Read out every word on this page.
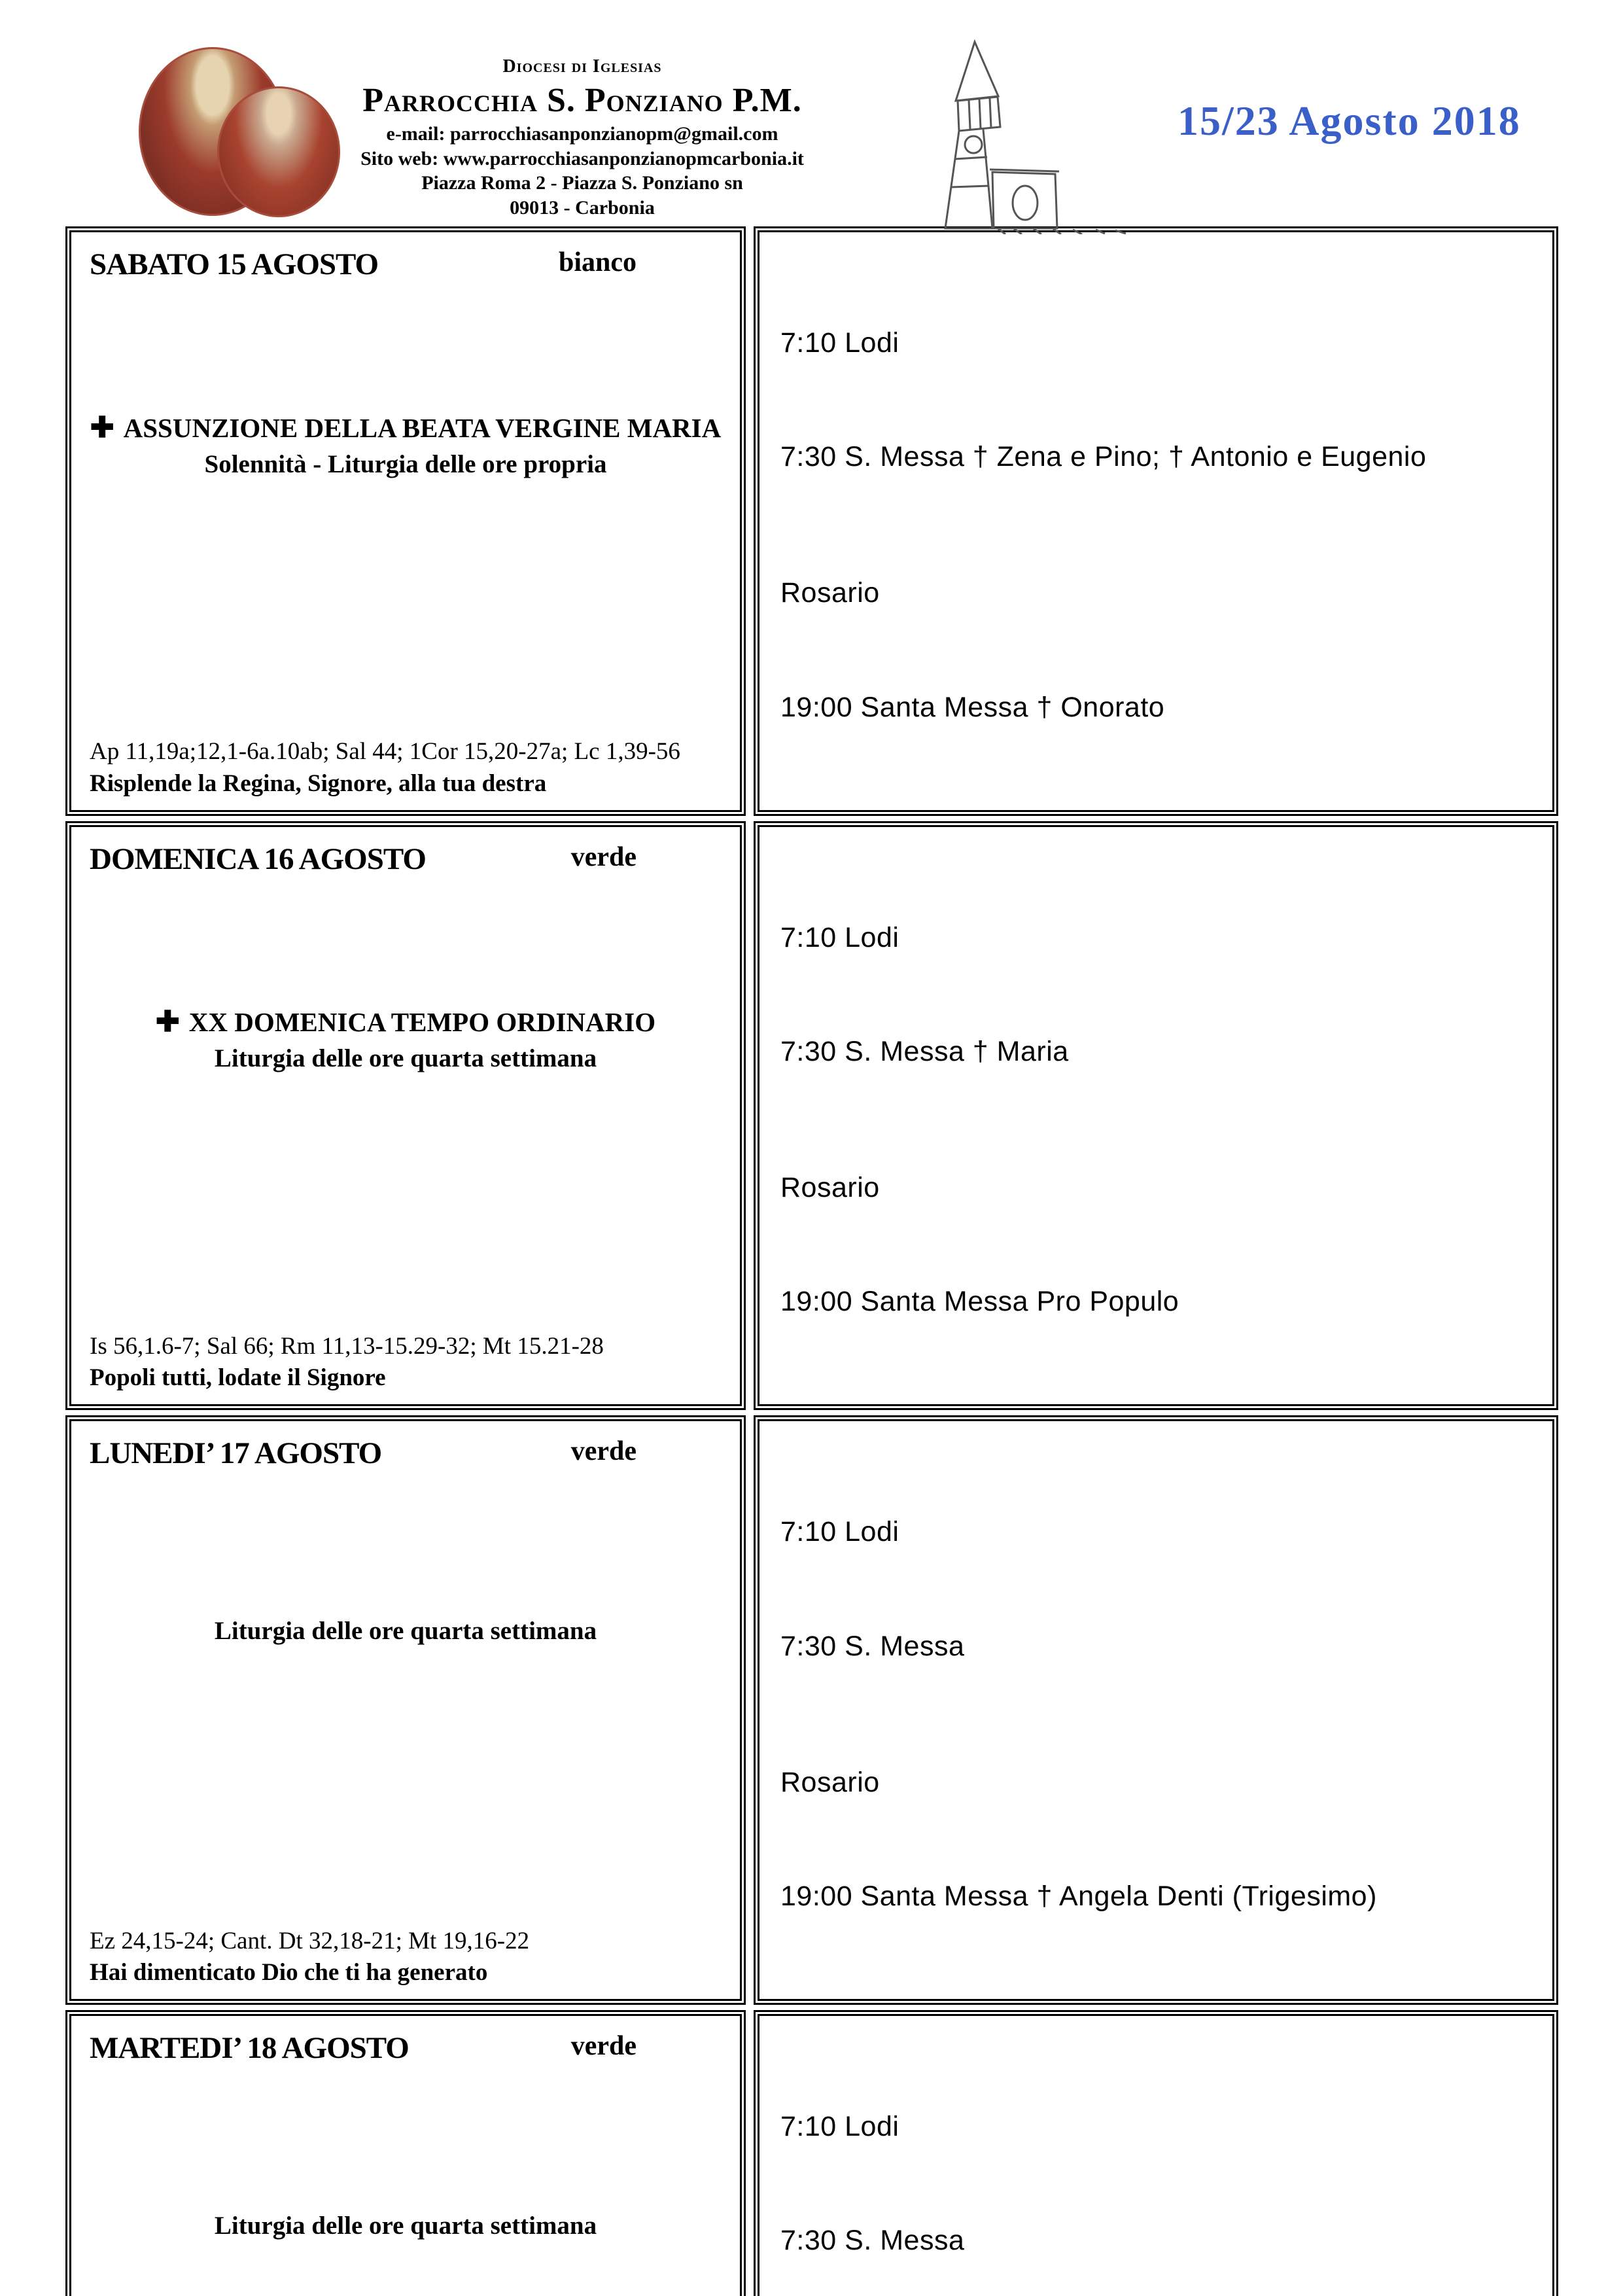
Diocesi di Iglesias
Parrocchia S. Ponziano P.M.
e-mail: parrocchiasanponzianopm@gmail.com
Sito web: www.parrocchiasanponzianopmcarbonia.it
Piazza Roma 2 - Piazza S. Ponziano sn
09013 - Carbonia
15/23 Agosto 2018
SABATO 15 AGOSTO	bianco
✚ ASSUNZIONE DELLA BEATA VERGINE MARIA
Solennità - Liturgia delle ore propria
Ap 11,19a;12,1-6a.10ab; Sal 44; 1Cor 15,20-27a; Lc 1,39-56
Risplende la Regina, Signore, alla tua destra

7:10 Lodi

7:30 S. Messa † Zena e Pino; † Antonio e Eugenio

Rosario

19:00 Santa Messa † Onorato

DOMENICA 16 AGOSTO	verde
✚ XX DOMENICA TEMPO ORDINARIO
Liturgia delle ore quarta settimana
Is 56,1.6-7; Sal 66; Rm 11,13-15.29-32; Mt 15.21-28
Popoli tutti, lodate il Signore

7:10 Lodi

7:30 S. Messa † Maria

Rosario

19:00 Santa Messa Pro Populo

LUNEDI’ 17 AGOSTO	verde
Liturgia delle ore quarta settimana
Ez 24,15-24; Cant. Dt 32,18-21; Mt 19,16-22
Hai dimenticato Dio che ti ha generato

7:10 Lodi

7:30 S. Messa

Rosario

19:00 Santa Messa † Angela Denti (Trigesimo)

MARTEDI’ 18 AGOSTO	verde
Liturgia delle ore quarta settimana

7:10 Lodi

7:30 S. Messa
